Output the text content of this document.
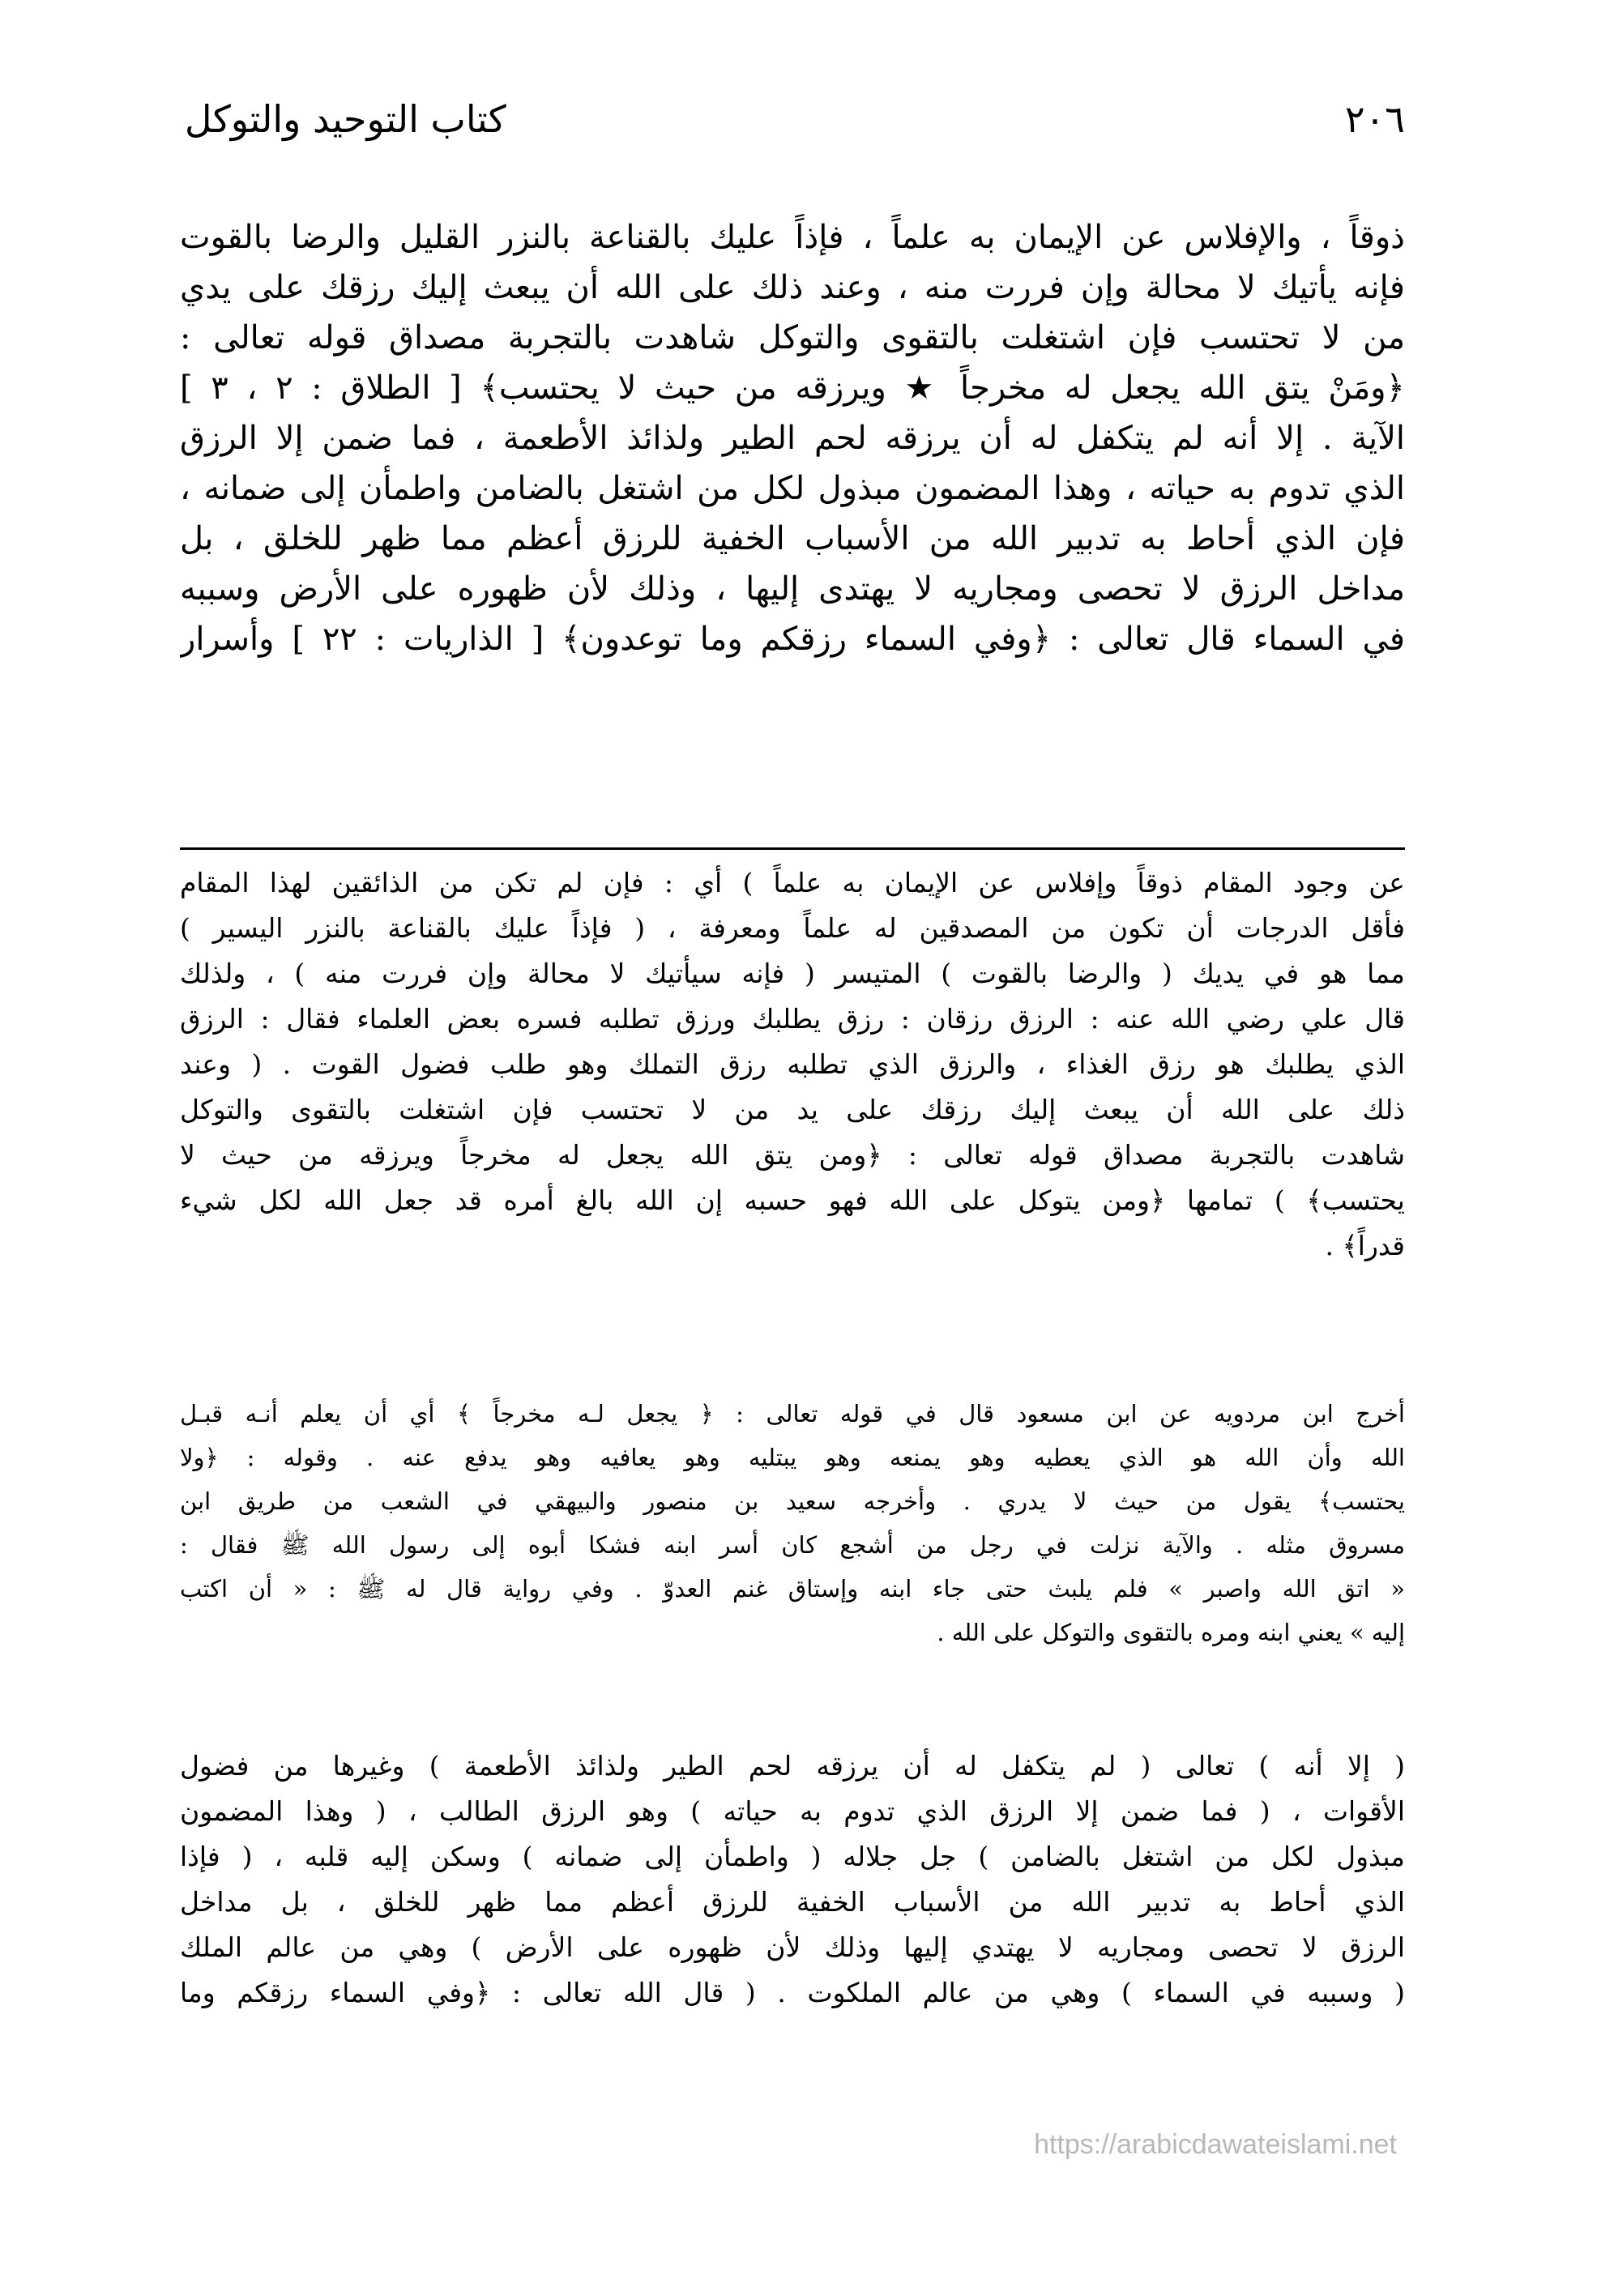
٢٠٦
كتاب التوحيد والتوكل
ذوقاً ، والإفلاس عن الإيمان به علماً ، فإذاً عليك بالقناعة بالنزر القليل والرضا بالقوت
فإنه يأتيك لا محالة وإن فررت منه ، وعند ذلك على الله أن يبعث إليك رزقك على يدي
من لا تحتسب فإن اشتغلت بالتقوى والتوكل شاهدت بالتجربة مصداق قوله تعالى :
﴿ومَنْ يتق الله يجعل له مخرجاً ★ ويرزقه من حيث لا يحتسب﴾ [ الطلاق : ٢ ، ٣ ]
الآية . إلا أنه لم يتكفل له أن يرزقه لحم الطير ولذائذ الأطعمة ، فما ضمن إلا الرزق
الذي تدوم به حياته ، وهذا المضمون مبذول لكل من اشتغل بالضامن واطمأن إلى ضمانه ،
فإن الذي أحاط به تدبير الله من الأسباب الخفية للرزق أعظم مما ظهر للخلق ، بل
مداخل الرزق لا تحصى ومجاريه لا يهتدى إليها ، وذلك لأن ظهوره على الأرض وسببه
في السماء قال تعالى : ﴿وفي السماء رزقكم وما توعدون﴾ [ الذاريات : ٢٢ ] وأسرار
عن وجود المقام ذوقاً وإفلاس عن الإيمان به علماً ) أي : فإن لم تكن من الذائقين لهذا المقام
فأقل الدرجات أن تكون من المصدقين له علماً ومعرفة ، ( فإذاً عليك بالقناعة بالنزر اليسير )
مما هو في يديك ( والرضا بالقوت ) المتيسر ( فإنه سيأتيك لا محالة وإن فررت منه ) ، ولذلك
قال علي رضي الله عنه : الرزق رزقان : رزق يطلبك ورزق تطلبه فسره بعض العلماء فقال : الرزق
الذي يطلبك هو رزق الغذاء ، والرزق الذي تطلبه رزق التملك وهو طلب فضول القوت . ( وعند
ذلك على الله أن يبعث إليك رزقك على يد من لا تحتسب فإن اشتغلت بالتقوى والتوكل
شاهدت بالتجربة مصداق قوله تعالى : ﴿ومن يتق الله يجعل له مخرجاً ويرزقه من حيث لا
يحتسب﴾ ) تمامها ﴿ومن يتوكل على الله فهو حسبه إن الله بالغ أمره قد جعل الله لكل شيء
قدراً﴾ .
أخرج ابن مردويه عن ابن مسعود قال في قوله تعالى : ﴿ يجعل لـه مخرجاً ﴾ أي أن يعلم أنـه قبـل
الله وأن الله هو الذي يعطيه وهو يمنعه وهو يبتليه وهو يعافيه وهو يدفع عنه . وقوله : ﴿ولا
يحتسب﴾ يقول من حيث لا يدري . وأخرجه سعيد بن منصور والبيهقي في الشعب من طريق ابن
مسروق مثله . والآية نزلت في رجل من أشجع كان أسر ابنه فشكا أبوه إلى رسول الله ﷺ فقال :
« اتق الله واصبر » فلم يلبث حتى جاء ابنه وإستاق غنم العدوّ . وفي رواية قال له ﷺ : « أن اكتب
إليه » يعني ابنه ومره بالتقوى والتوكل على الله .
( إلا أنه ) تعالى ( لم يتكفل له أن يرزقه لحم الطير ولذائذ الأطعمة ) وغيرها من فضول
الأقوات ، ( فما ضمن إلا الرزق الذي تدوم به حياته ) وهو الرزق الطالب ، ( وهذا المضمون
مبذول لكل من اشتغل بالضامن ) جل جلاله ( واطمأن إلى ضمانه ) وسكن إليه قلبه ، ( فإذا
الذي أحاط به تدبير الله من الأسباب الخفية للرزق أعظم مما ظهر للخلق ، بل مداخل
الرزق لا تحصى ومجاريه لا يهتدي إليها وذلك لأن ظهوره على الأرض ) وهي من عالم الملك
( وسببه في السماء ) وهي من عالم الملكوت . ( قال الله تعالى : ﴿وفي السماء رزقكم وما
https://arabicdawateislami.net
